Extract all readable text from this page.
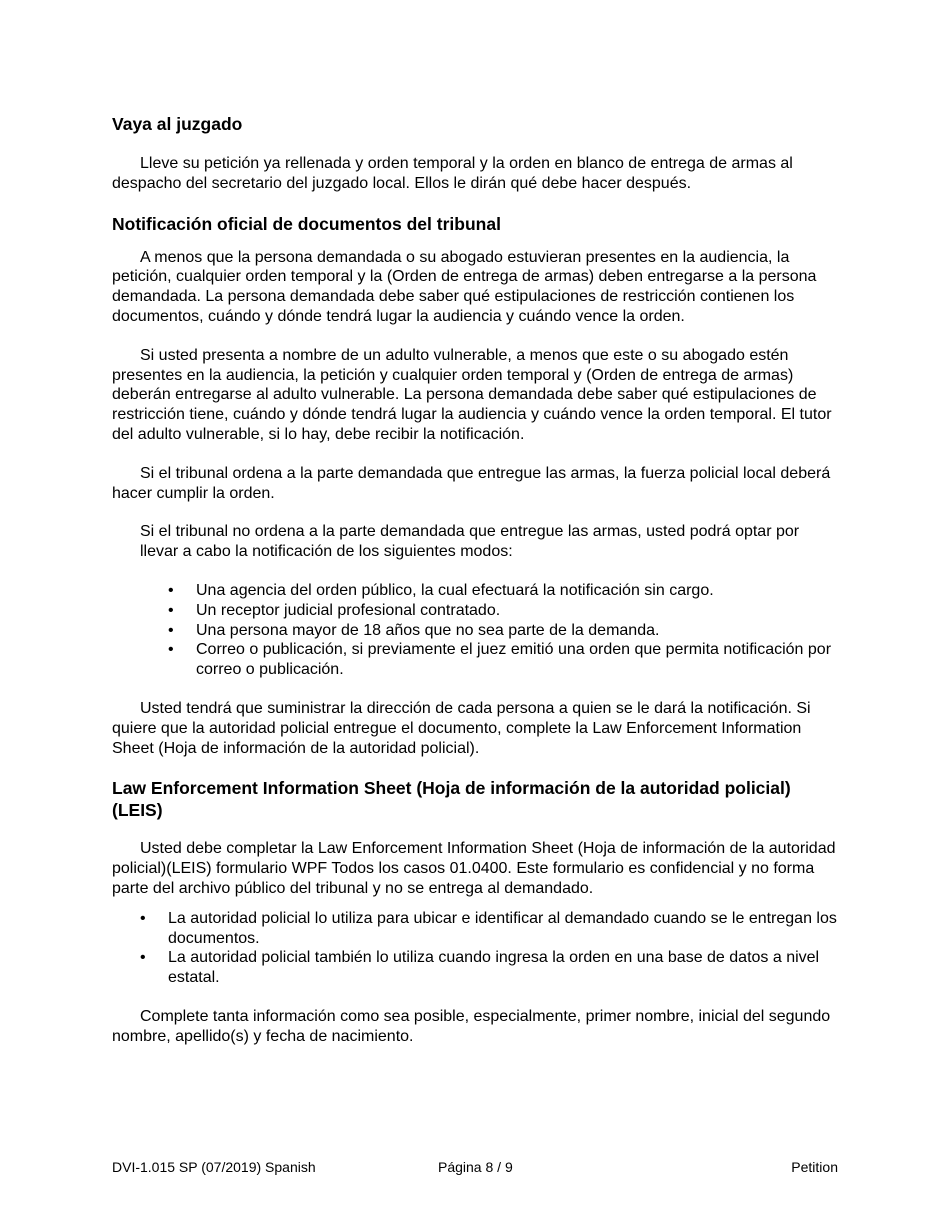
Vaya al juzgado

Lleve su petición ya rellenada y orden temporal y la orden en blanco de entrega de armas al despacho del secretario del juzgado local. Ellos le dirán qué debe hacer después.

Notificación oficial de documentos del tribunal

A menos que la persona demandada o su abogado estuvieran presentes en la audiencia, la petición, cualquier orden temporal y la (Orden de entrega de armas) deben entregarse a la persona demandada. La persona demandada debe saber qué estipulaciones de restricción contienen los documentos, cuándo y dónde tendrá lugar la audiencia y cuándo vence la orden.

Si usted presenta a nombre de un adulto vulnerable, a menos que este o su abogado estén presentes en la audiencia, la petición y cualquier orden temporal y (Orden de entrega de armas) deberán entregarse al adulto vulnerable. La persona demandada debe saber qué estipulaciones de restricción tiene, cuándo y dónde tendrá lugar la audiencia y cuándo vence la orden temporal. El tutor del adulto vulnerable, si lo hay, debe recibir la notificación.

Si el tribunal ordena a la parte demandada que entregue las armas, la fuerza policial local deberá hacer cumplir la orden.

Si el tribunal no ordena a la parte demandada que entregue las armas, usted podrá optar por llevar a cabo la notificación de los siguientes modos:

• Una agencia del orden público, la cual efectuará la notificación sin cargo.
• Un receptor judicial profesional contratado.
• Una persona mayor de 18 años que no sea parte de la demanda.
• Correo o publicación, si previamente el juez emitió una orden que permita notificación por correo o publicación.

Usted tendrá que suministrar la dirección de cada persona a quien se le dará la notificación. Si quiere que la autoridad policial entregue el documento, complete la Law Enforcement Information Sheet (Hoja de información de la autoridad policial).

Law Enforcement Information Sheet (Hoja de información de la autoridad policial) (LEIS)

Usted debe completar la Law Enforcement Information Sheet (Hoja de información de la autoridad policial)(LEIS) formulario WPF Todos los casos 01.0400. Este formulario es confidencial y no forma parte del archivo público del tribunal y no se entrega al demandado.

• La autoridad policial lo utiliza para ubicar e identificar al demandado cuando se le entregan los documentos.
• La autoridad policial también lo utiliza cuando ingresa la orden en una base de datos a nivel estatal.

Complete tanta información como sea posible, especialmente, primer nombre, inicial del segundo nombre, apellido(s) y fecha de nacimiento.

DVI-1.015 SP (07/2019) Spanish	Página 8 / 9	Petition
